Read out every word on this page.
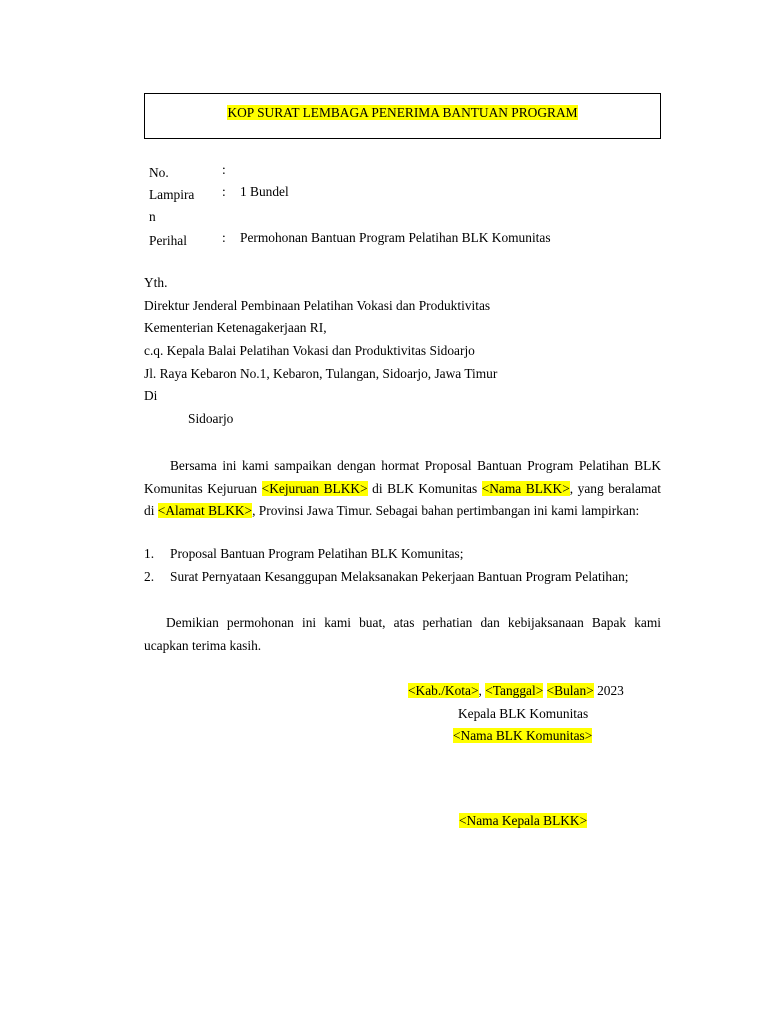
KOP SURAT LEMBAGA PENERIMA BANTUAN PROGRAM
No.	:
Lampira
n
: 1 Bundel
Perihal	: Permohonan Bantuan Program Pelatihan BLK Komunitas
Yth.
Direktur Jenderal Pembinaan Pelatihan Vokasi dan Produktivitas
Kementerian Ketenagakerjaan RI,
c.q. Kepala Balai Pelatihan Vokasi dan Produktivitas Sidoarjo
Jl. Raya Kebaron No.1, Kebaron, Tulangan, Sidoarjo, Jawa Timur
Di
Sidoarjo
Bersama ini kami sampaikan dengan hormat Proposal Bantuan Program Pelatihan BLK Komunitas Kejuruan <Kejuruan BLKK> di BLK Komunitas <Nama BLKK>, yang beralamat di <Alamat BLKK>, Provinsi Jawa Timur. Sebagai bahan pertimbangan ini kami lampirkan:
1. Proposal Bantuan Program Pelatihan BLK Komunitas;
2. Surat Pernyataan Kesanggupan Melaksanakan Pekerjaan Bantuan Program Pelatihan;
Demikian permohonan ini kami buat, atas perhatian dan kebijaksanaan Bapak kami ucapkan terima kasih.
<Kab./Kota>, <Tanggal> <Bulan> 2023
Kepala BLK Komunitas
<Nama BLK Komunitas>
<Nama Kepala BLKK>
